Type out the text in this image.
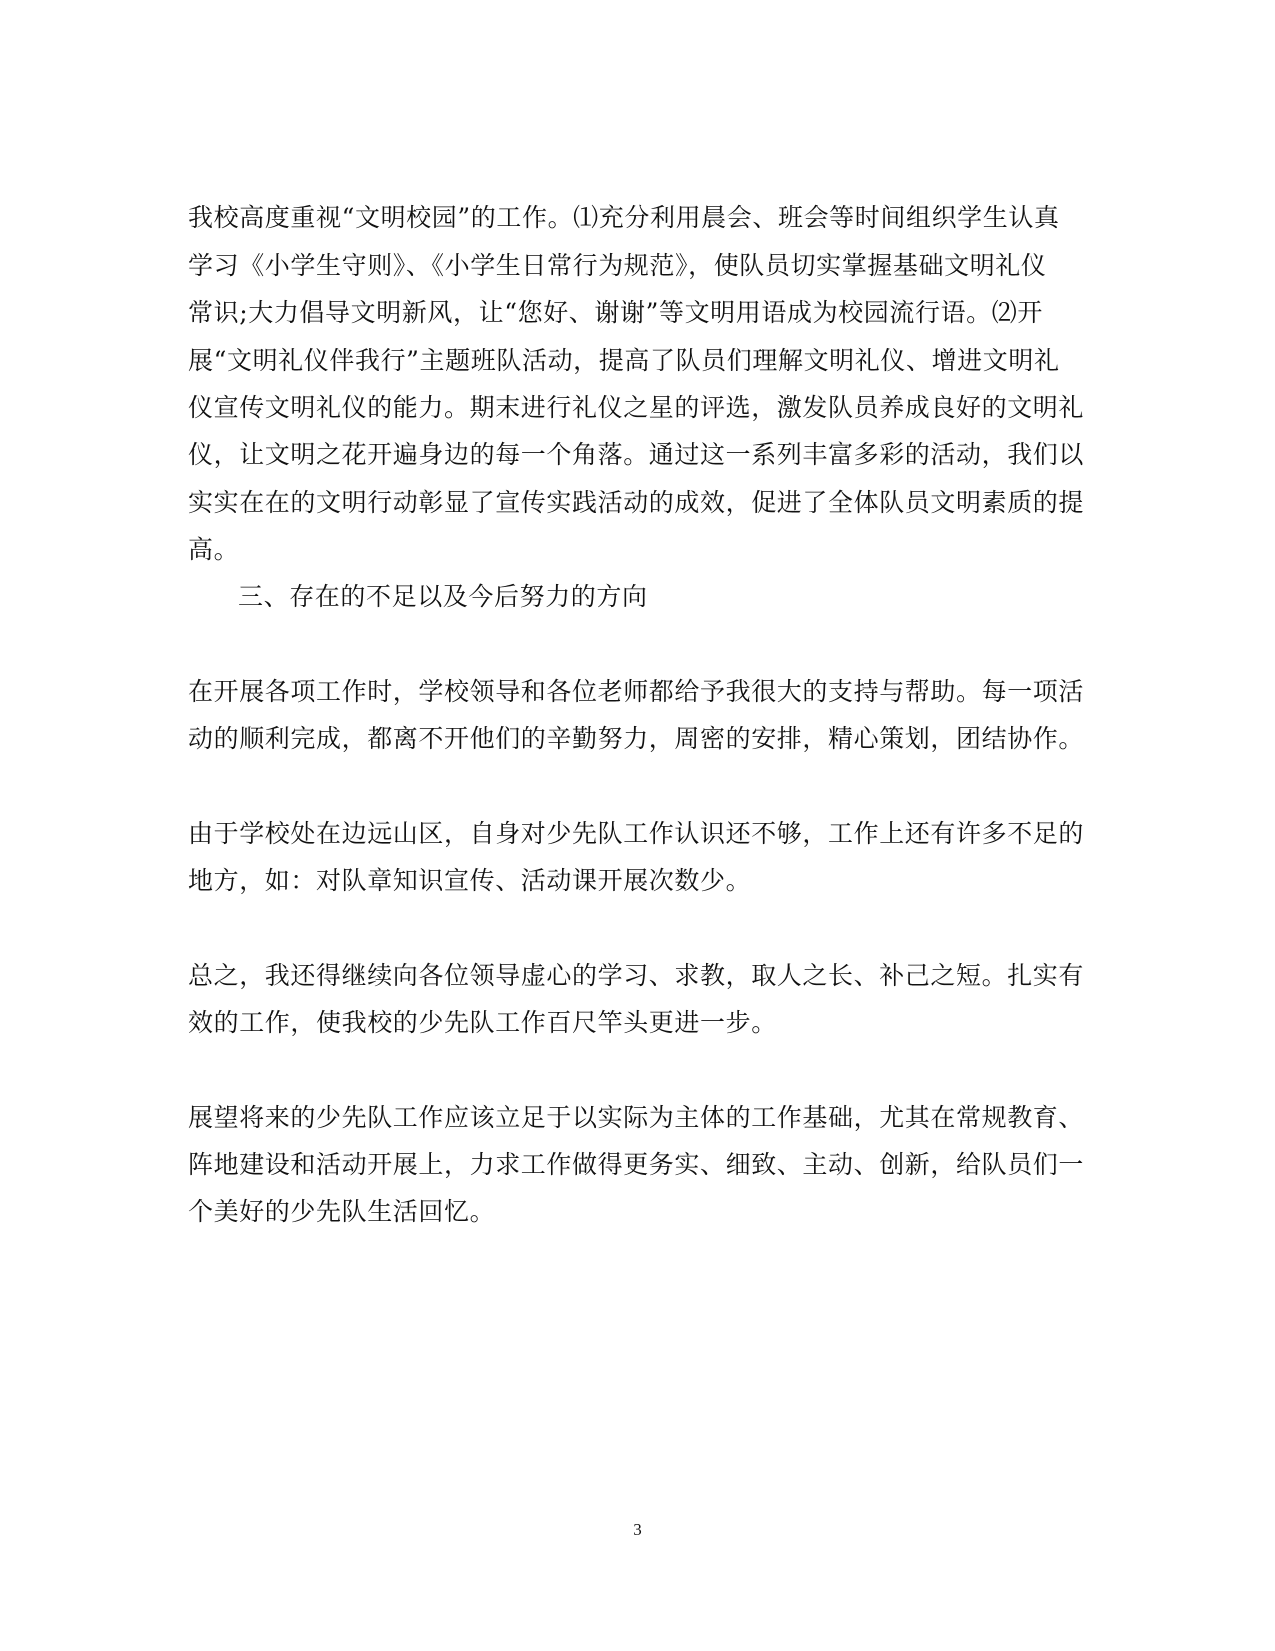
我校高度重视“文明校园”的工作。⑴充分利用晨会、班会等时间组织学生认真
学习《小学生守则》、《小学生日常行为规范》，使队员切实掌握基础文明礼仪
常识;大力倡导文明新风，让“您好、谢谢”等文明用语成为校园流行语。⑵开
展“文明礼仪伴我行”主题班队活动，提高了队员们理解文明礼仪、增进文明礼
仪宣传文明礼仪的能力。期末进行礼仪之星的评选，激发队员养成良好的文明礼
仪，让文明之花开遍身边的每一个角落。通过这一系列丰富多彩的活动，我们以
实实在在的文明行动彰显了宣传实践活动的成效，促进了全体队员文明素质的提
高。
三、存在的不足以及今后努力的方向
在开展各项工作时，学校领导和各位老师都给予我很大的支持与帮助。每一项活
动的顺利完成，都离不开他们的辛勤努力，周密的安排，精心策划，团结协作。
由于学校处在边远山区，自身对少先队工作认识还不够，工作上还有许多不足的
地方，如：对队章知识宣传、活动课开展次数少。
总之，我还得继续向各位领导虚心的学习、求教，取人之长、补己之短。扎实有
效的工作，使我校的少先队工作百尺竿头更进一步。
展望将来的少先队工作应该立足于以实际为主体的工作基础，尤其在常规教育、
阵地建设和活动开展上，力求工作做得更务实、细致、主动、创新，给队员们一
个美好的少先队生活回忆。
3
